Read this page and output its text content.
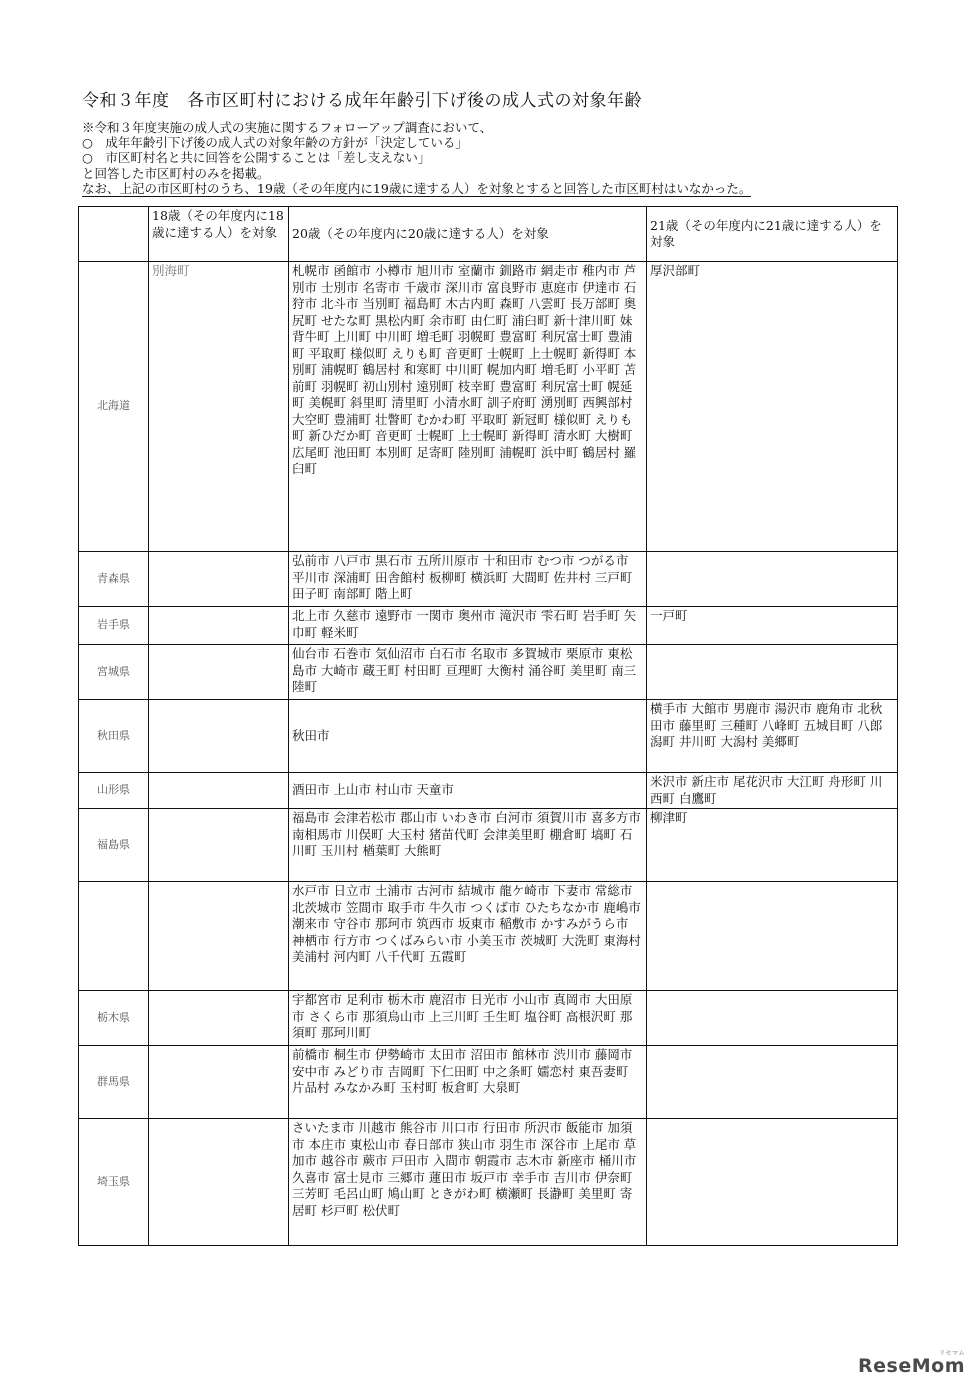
令和３年度　各市区町村における成年年齢引下げ後の成人式の対象年齢
※令和３年度実施の成人式の実施に関するフォローアップ調査において、
○　成年年齢引下げ後の成人式の対象年齢の方針が「決定している」
○　市区町村名と共に回答を公開することは「差し支えない」
と回答した市区町村のみを掲載。
なお、上記の市区町村のうち、19歳（その年度内に19歳に達する人）を対象とすると回答した市区町村はいなかった。
	18歳（その年度内に18歳に達する人）を対象	20歳（その年度内に20歳に達する人）を対象	21歳（その年度内に21歳に達する人）を対象
北海道	別海町	札幌市 函館市 小樽市 旭川市 室蘭市 釧路市 網走市 稚内市 芦別市 士別市 名寄市 千歳市 深川市 富良野市 恵庭市 伊達市 石狩市 北斗市 当別町 福島町 木古内町 森町 八雲町 長万部町 奥尻町 せたな町 黒松内町 余市町 由仁町 浦臼町 新十津川町 妹背牛町 上川町 中川町 増毛町 羽幌町 豊富町 利尻富士町 豊浦町 平取町 様似町 えりも町 音更町 士幌町 上士幌町 新得町 本別町 浦幌町 鶴居村 和寒町 中川町 幌加内町 増毛町 小平町 苫前町 羽幌町 初山別村 遠別町 枝幸町 豊富町 利尻富士町 幌延町 美幌町 斜里町 清里町 小清水町 訓子府町 湧別町 西興部村 大空町 豊浦町 壮瞥町 むかわ町 平取町 新冠町 様似町 えりも町 新ひだか町 音更町 士幌町 上士幌町 新得町 清水町 大樹町 広尾町 池田町 本別町 足寄町 陸別町 浦幌町 浜中町 鶴居村 羅臼町	厚沢部町
青森県		弘前市 八戸市 黒石市 五所川原市 十和田市 むつ市 つがる市 平川市 深浦町 田舎館村 板柳町 横浜町 大間町 佐井村 三戸町 田子町 南部町 階上町	
岩手県		北上市 久慈市 遠野市 一関市 奥州市 滝沢市 雫石町 岩手町 矢巾町 軽米町	一戸町
宮城県		仙台市 石巻市 気仙沼市 白石市 名取市 多賀城市 栗原市 東松島市 大崎市 蔵王町 村田町 亘理町 大衡村 涌谷町 美里町 南三陸町	
秋田県		秋田市	横手市 大館市 男鹿市 湯沢市 鹿角市 北秋田市 藤里町 三種町 八峰町 五城目町 八郎潟町 井川町 大潟村 美郷町
山形県		酒田市 上山市 村山市 天童市	米沢市 新庄市 尾花沢市 大江町 舟形町 川西町 白鷹町
福島県		福島市 会津若松市 郡山市 いわき市 白河市 須賀川市 喜多方市 南相馬市 川俣町 大玉村 猪苗代町 会津美里町 棚倉町 塙町 石川町 玉川村 楢葉町 大熊町	柳津町
		水戸市 日立市 土浦市 古河市 結城市 龍ケ崎市 下妻市 常総市 北茨城市 笠間市 取手市 牛久市 つくば市 ひたちなか市 鹿嶋市 潮来市 守谷市 那珂市 筑西市 坂東市 稲敷市 かすみがうら市 神栖市 行方市 つくばみらい市 小美玉市 茨城町 大洗町 東海村 美浦村 河内町 八千代町 五霞町	
栃木県		宇都宮市 足利市 栃木市 鹿沼市 日光市 小山市 真岡市 大田原市 さくら市 那須烏山市 上三川町 壬生町 塩谷町 高根沢町 那須町 那珂川町	
群馬県		前橋市 桐生市 伊勢崎市 太田市 沼田市 館林市 渋川市 藤岡市 安中市 みどり市 吉岡町 下仁田町 中之条町 嬬恋村 東吾妻町 片品村 みなかみ町 玉村町 板倉町 大泉町	
埼玉県		さいたま市 川越市 熊谷市 川口市 行田市 所沢市 飯能市 加須市 本庄市 東松山市 春日部市 狭山市 羽生市 深谷市 上尾市 草加市 越谷市 蕨市 戸田市 入間市 朝霞市 志木市 新座市 桶川市 久喜市 富士見市 三郷市 蓮田市 坂戸市 幸手市 吉川市 伊奈町 三芳町 毛呂山町 鳩山町 ときがわ町 横瀬町 長瀞町 美里町 寄居町 杉戸町 松伏町	
リセマム
ReseMom
